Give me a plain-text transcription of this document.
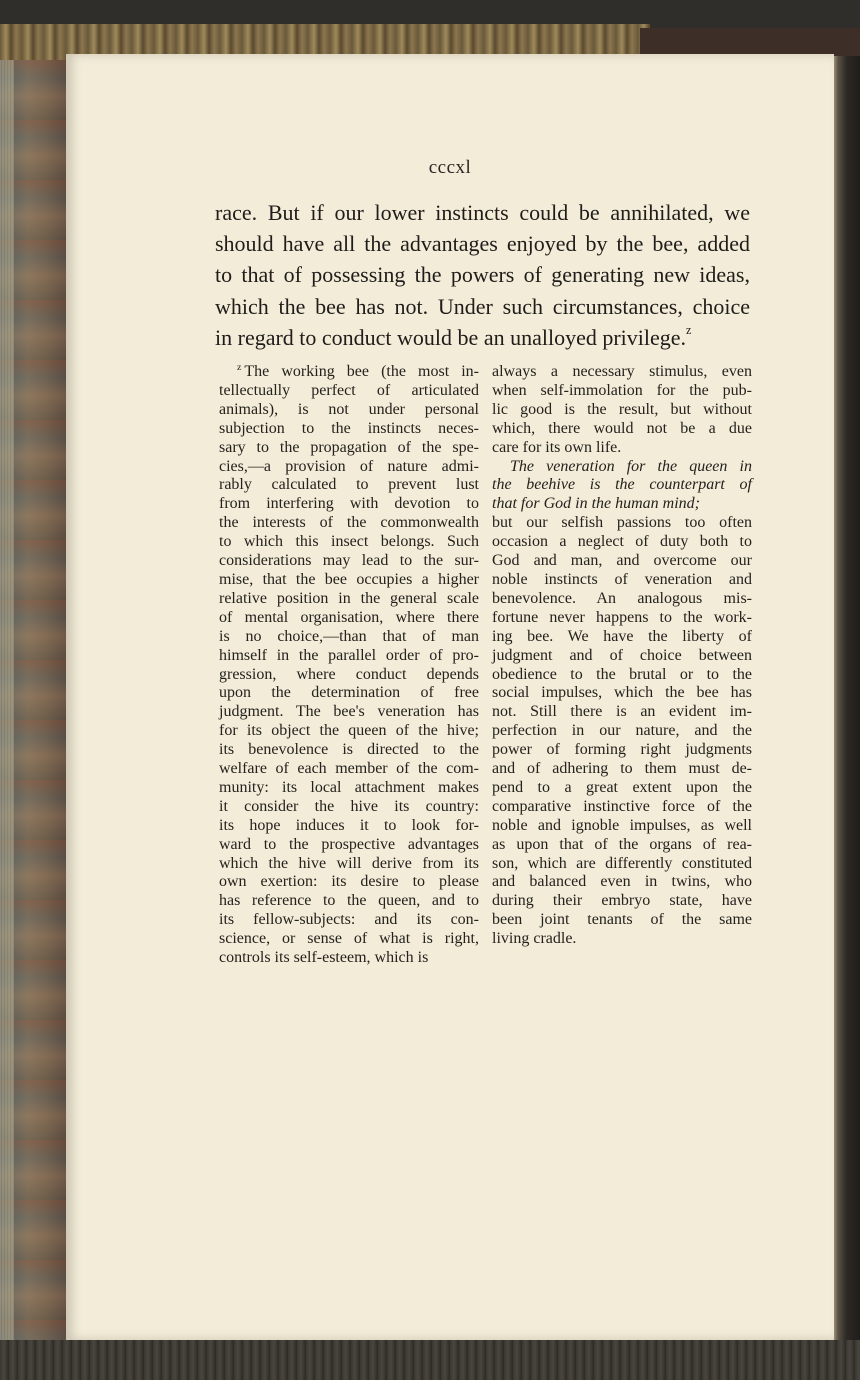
cccxl
race. But if our lower instincts could be annihilated, we
should have all the advantages enjoyed by the bee, added
to that of possessing the powers of generating new ideas,
which the bee has not. Under such circumstances, choice
in regard to conduct would be an unalloyed privilege.$^z$
$^z$ The working bee (the most in-
tellectually perfect of articulated
animals), is not under personal
subjection to the instincts neces-
sary to the propagation of the spe-
cies,—a provision of nature admi-
rably calculated to prevent lust
from interfering with devotion to
the interests of the commonwealth
to which this insect belongs. Such
considerations may lead to the sur-
mise, that the bee occupies a higher
relative position in the general scale
of mental organisation, where there
is no choice,—than that of man
himself in the parallel order of pro-
gression, where conduct depends
upon the determination of free
judgment. The bee's veneration has
for its object the queen of the hive;
its benevolence is directed to the
welfare of each member of the com-
munity: its local attachment makes
it consider the hive its country:
its hope induces it to look for-
ward to the prospective advantages
which the hive will derive from its
own exertion: its desire to please
has reference to the queen, and to
its fellow-subjects: and its con-
science, or sense of what is right,
controls its self-esteem, which is
always a necessary stimulus, even
when self-immolation for the pub-
lic good is the result, but without
which, there would not be a due
care for its own life.
The veneration for the queen in
the beehive is the counterpart of
that for God in the human mind;
but our selfish passions too often
occasion a neglect of duty both to
God and man, and overcome our
noble instincts of veneration and
benevolence. An analogous mis-
fortune never happens to the work-
ing bee. We have the liberty of
judgment and of choice between
obedience to the brutal or to the
social impulses, which the bee has
not. Still there is an evident im-
perfection in our nature, and the
power of forming right judgments
and of adhering to them must de-
pend to a great extent upon the
comparative instinctive force of the
noble and ignoble impulses, as well
as upon that of the organs of rea-
son, which are differently constituted
and balanced even in twins, who
during their embryo state, have
been joint tenants of the same
living cradle.
